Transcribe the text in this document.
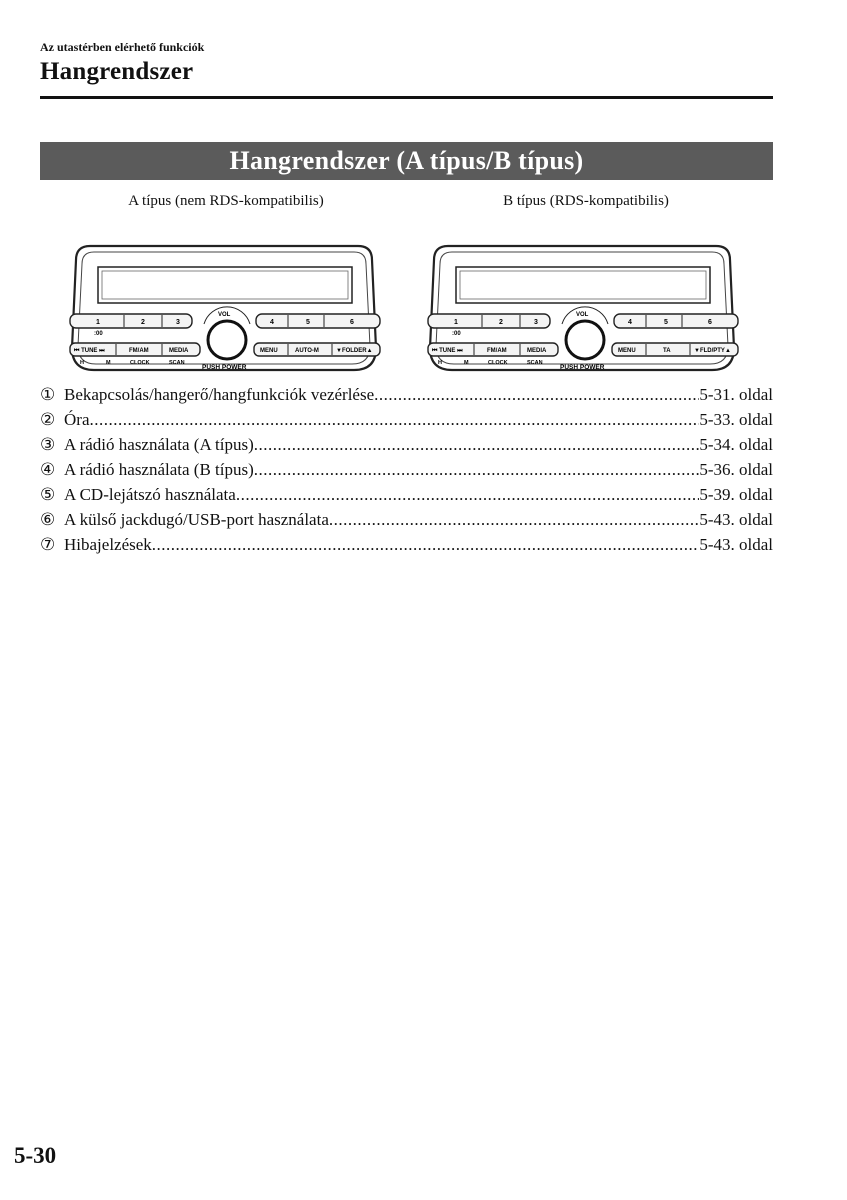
Az utastérben elérhető funkciók
Hangrendszer
Hangrendszer (A típus/B típus)
A típus (nem RDS-kompatibilis)	B típus (RDS-kompatibilis)
1	2	3
:00
4	5	6
VOL
PUSH POWER
⏮ TUNE ⏭	FM/AM	MEDIA
H	M	CLOCK	SCAN
MENU	AUTO-M	▼FOLDER▲
1	2	3
:00
4	5	6
VOL
PUSH POWER
⏮ TUNE ⏭	FM/AM	MEDIA
H	M	CLOCK	SCAN
MENU	TA	▼FLD/PTY▲
① Bekapcsolás/hangerő/hangfunkciók vezérlése .....	5-31. oldal
② Óra .....	5-33. oldal
③ A rádió használata (A típus) .....	5-34. oldal
④ A rádió használata (B típus) .....	5-36. oldal
⑤ A CD-lejátszó használata .....	5-39. oldal
⑥ A külső jackdugó/USB-port használata .....	5-43. oldal
⑦ Hibajelzések .....	5-43. oldal
5-30
